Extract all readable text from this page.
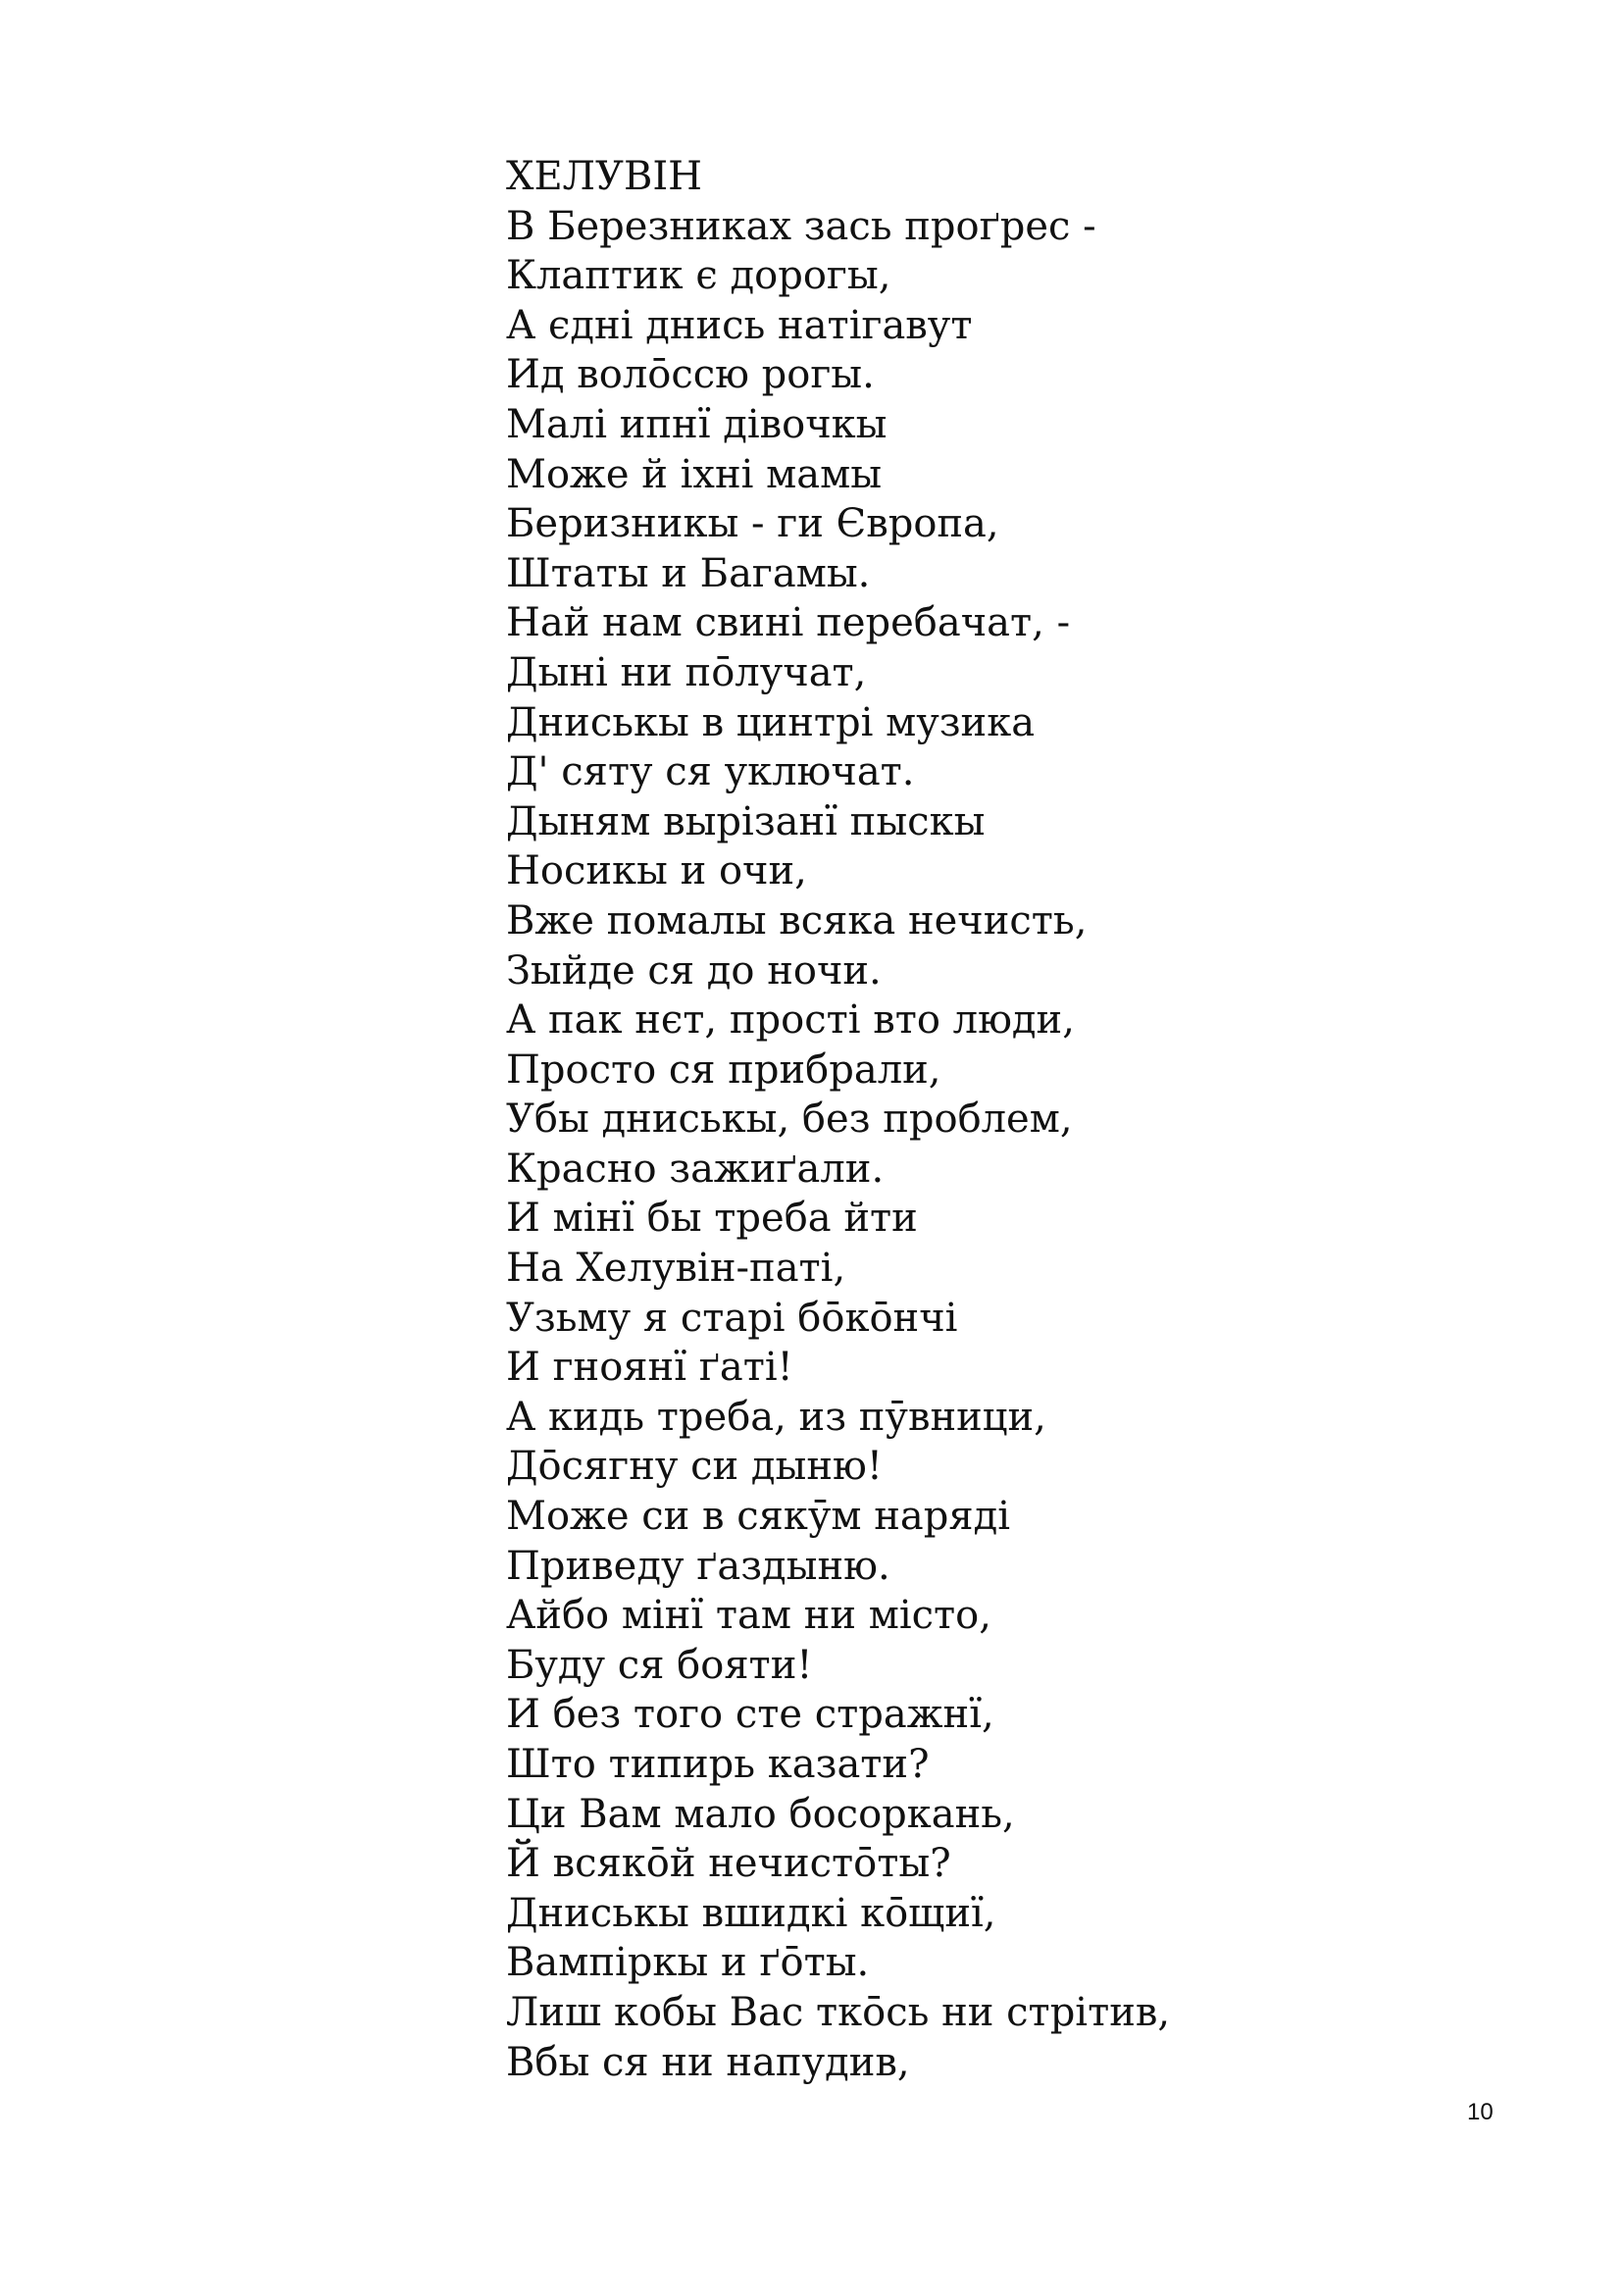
ХЕЛУВІН
В Березниках зась проґрес -
Клаптик є дорогы,
А єдні днись натігавут
Ид волōссю рогы.
Малі ипнї дівочкы
Може й іхні мамы
Беризникы - ги Європа,
Штаты и Багамы.
Най нам свині перебачат, -
Дыні ни пōлучат,
Дниськы в цинтрі музика
Д' сяту ся уключат.
Дыням вырізанї пыскы
Носикы и очи,
Вже помалы всяка нечисть,
Зыйде ся до ночи.
А пак нєт, прості вто люди,
Просто ся прибрали,
Убы дниськы, без проблем,
Красно зажиґали.
И мінї бы треба йти
На Хелувін-паті,
Узьму я старі бōкōнчі
И гноянї ґаті!
А кидь треба, из пӯвници,
Дōсягну си дыню!
Може си в сякӯм наряді
Приведу ґаздыню.
Айбо мінї там ни місто,
Буду ся бояти!
И без того сте стражнї,
Што типирь казати?
Ци Вам мало босоркань,
Й всякōй нечистōты?
Дниськы вшидкі кōщиї,
Вампіркы и ґōты.
Лиш кобы Вас ткōсь ни стрітив,
Вбы ся ни напудив,
10
